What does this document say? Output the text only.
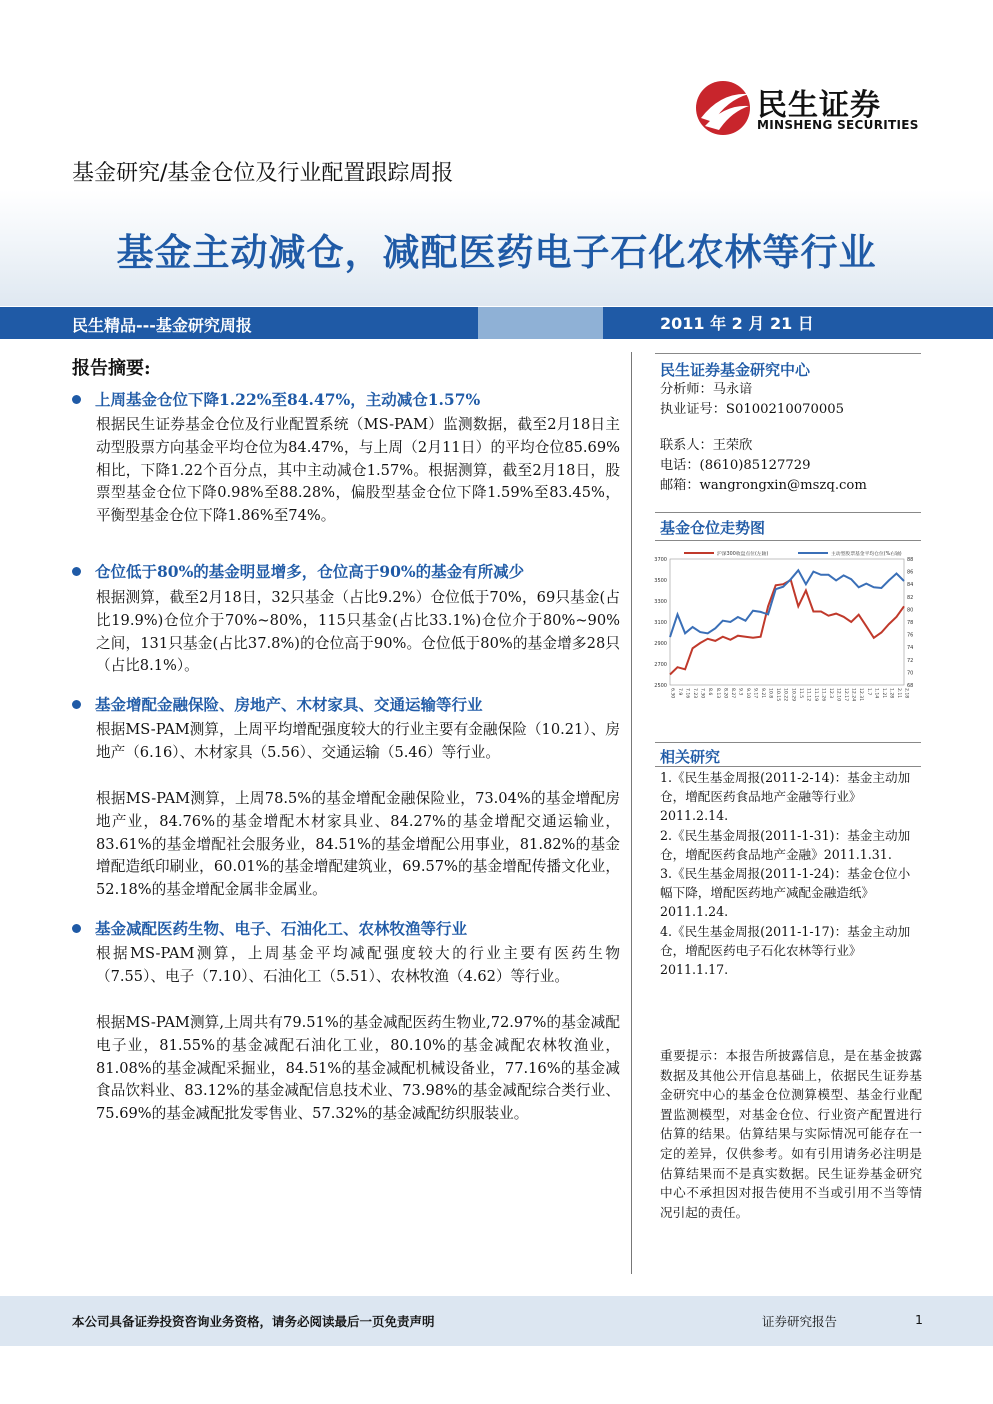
民生证券
MINSHENG SECURITIES
基金研究/基金仓位及行业配置跟踪周报
基金主动减仓，减配医药电子石化农林等行业
民生精品---基金研究周报	2011 年 2 月 21 日
报告摘要:
上周基金仓位下降1.22%至84.47%，主动减仓1.57%
根据民生证券基金仓位及行业配置系统（MS-PAM）监测数据，截至2月18日主动型股票方向基金平均仓位为84.47%，与上周（2月11日）的平均仓位85.69%相比，下降1.22个百分点，其中主动减仓1.57%。根据测算，截至2月18日，股票型基金仓位下降0.98%至88.28%，偏股型基金仓位下降1.59%至83.45%，平衡型基金仓位下降1.86%至74%。
仓位低于80%的基金明显增多，仓位高于90%的基金有所减少
根据测算，截至2月18日，32只基金（占比9.2%）仓位低于70%，69只基金(占比19.9%)仓位介于70%~80%，115只基金(占比33.1%)仓位介于80%~90%之间，131只基金(占比37.8%)的仓位高于90%。仓位低于80%的基金增多28只（占比8.1%）。
基金增配金融保险、房地产、木材家具、交通运输等行业
根据MS-PAM测算，上周平均增配强度较大的行业主要有金融保险（10.21）、房地产（6.16）、木材家具（5.56）、交通运输（5.46）等行业。
根据MS-PAM测算，上周78.5%的基金增配金融保险业，73.04%的基金增配房地产业，84.76%的基金增配木材家具业、84.27%的基金增配交通运输业，83.61%的基金增配社会服务业，84.51%的基金增配公用事业，81.82%的基金增配造纸印刷业，60.01%的基金增配建筑业，69.57%的基金增配传播文化业，52.18%的基金增配金属非金属业。
基金减配医药生物、电子、石油化工、农林牧渔等行业
根据MS-PAM测算，上周基金平均减配强度较大的行业主要有医药生物（7.55）、电子（7.10）、石油化工（5.51）、农林牧渔（4.62）等行业。
根据MS-PAM测算,上周共有79.51%的基金减配医药生物业,72.97%的基金减配电子业，81.55%的基金减配石油化工业，80.10%的基金减配农林牧渔业，81.08%的基金减配采掘业，84.51%的基金减配机械设备业，77.16%的基金减食品饮料业、83.12%的基金减配信息技术业、73.98%的基金减配综合类行业、75.69%的基金减配批发零售业、57.32%的基金减配纺织服装业。
民生证券基金研究中心
分析师：马永谙
执业证号：S0100210070005
联系人：王荣欣
电话：(8610)85127729
邮箱：wangrongxin@mszq.com
基金仓位走势图
2500
2700
2900
3100
3300
3500
3700
68
70
72
74
76
78
80
82
84
86
88
6.30 7.9 7.16 7.23 7.30 8.6 8.13 8.20 8.27 9.3 9.10 9.17 9.21 10.8 10.15 10.22 10.29 11.5 11.12 11.19 11.26 12.3 12.10 12.17 12.24 12.31 1.7 1.14 1.21 1.28 2.11 2.18
沪深300收盘点位(左轴)	主动型股票基金平均仓位(%右轴)
相关研究
1.《民生基金周报(2011-2-14)：基金主动加仓，增配医药食品地产金融等行业》2011.2.14.
2.《民生基金周报(2011-1-31)：基金主动加仓，增配医药食品地产金融》2011.1.31.
3.《民生基金周报(2011-1-24)：基金仓位小幅下降，增配医药地产减配金融造纸》2011.1.24.
4.《民生基金周报(2011-1-17)：基金主动加仓，增配医药电子石化农林等行业》2011.1.17.
重要提示：本报告所披露信息，是在基金披露数据及其他公开信息基础上，依据民生证券基金研究中心的基金仓位测算模型、基金行业配置监测模型，对基金仓位、行业资产配置进行估算的结果。估算结果与实际情况可能存在一定的差异，仅供参考。如有引用请务必注明是估算结果而不是真实数据。民生证券基金研究中心不承担因对报告使用不当或引用不当等情况引起的责任。
本公司具备证券投资咨询业务资格，请务必阅读最后一页免责声明	证券研究报告	1
